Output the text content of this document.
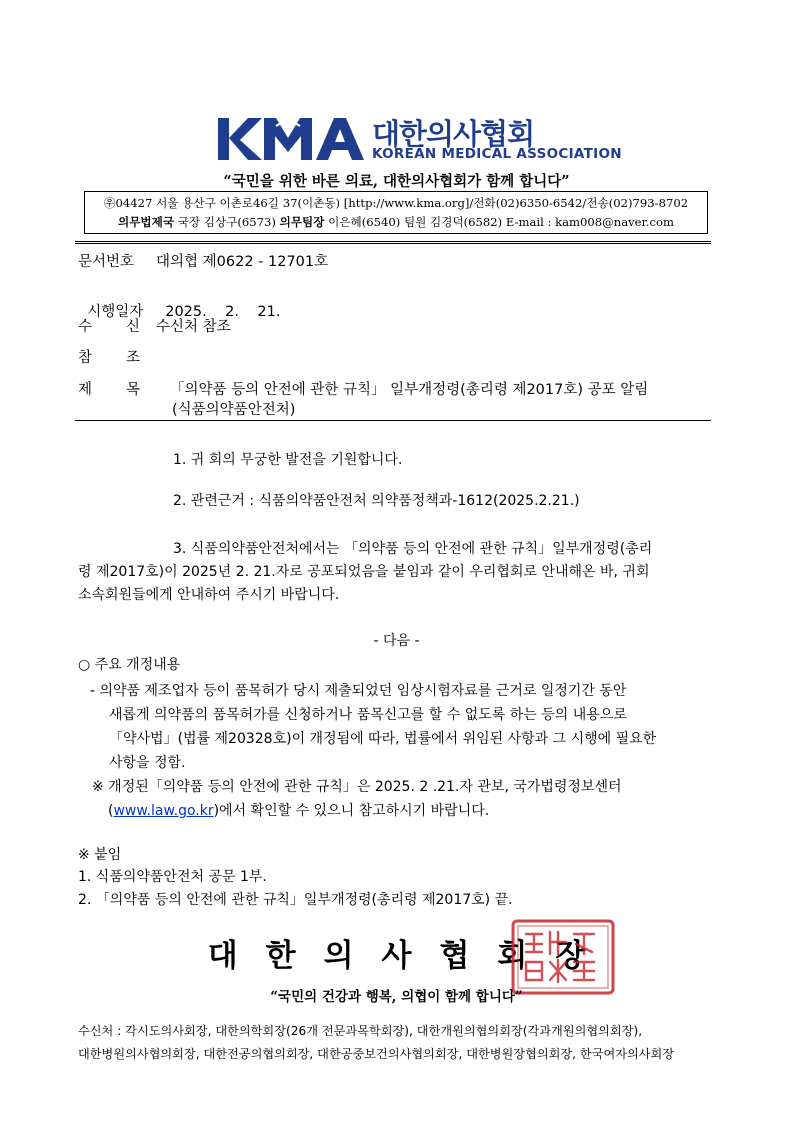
대한의사협회
KOREAN MEDICAL ASSOCIATION
“국민을 위한 바른 의료, 대한의사협회가 함께 합니다”
㉾04427 서울 용산구 이촌로46길 37(이촌동) [http://www.kma.org]/전화(02)6350-6542/전송(02)793-8702
의무법제국 국장 김상구(6573) 의무팀장 이은혜(6540) 팀원 김경덕(6582) E-mail : kam008@naver.com
문서번호 대의협 제0622 - 12701호

시행일자 2025.    2.    21.

수 신 수신처 참조
참 조
제 목 「의약품 등의 안전에 관한 규칙」 일부개정령(총리령 제2017호) 공포 알림
(식품의약품안전처)
1. 귀 회의 무궁한 발전을 기원합니다.
2. 관련근거 : 식품의약품안전처 의약품정책과-1612(2025.2.21.)
3. 식품의약품안전처에서는 「의약품 등의 안전에 관한 규칙」일부개정령(총리
령 제2017호)이 2025년 2. 21.자로 공포되었음을 붙임과 같이 우리협회로 안내해온 바, 귀회
소속회원들에게 안내하여 주시기 바랍니다.
- 다음 -
○ 주요 개정내용
- 의약품 제조업자 등이 품목허가 당시 제출되었던 임상시험자료를 근거로 일정기간 동안
새롭게 의약품의 품목허가를 신청하거나 품목신고를 할 수 없도록 하는 등의 내용으로
「약사법」(법률 제20328호)이 개정됨에 따라, 법률에서 위임된 사항과 그 시행에 필요한
사항을 정함.
※ 개정된「의약품 등의 안전에 관한 규칙」은 2025. 2 .21.자 관보, 국가법령정보센터
(www.law.go.kr)에서 확인할 수 있으니 참고하시기 바랍니다.
※ 붙임
1. 식품의약품안전처 공문 1부.
2. 「의약품 등의 안전에 관한 규칙」일부개정령(총리령 제2017호) 끝.
대한의사협회장
“국민의 건강과 행복, 의협이 함께 합니다”
수신처 : 각시도의사회장, 대한의학회장(26개 전문과목학회장), 대한개원의협의회장(각과개원의협의회장),
대한병원의사협의회장, 대한전공의협의회장, 대한공중보건의사협의회장, 대한병원장협의회장, 한국여자의사회장
